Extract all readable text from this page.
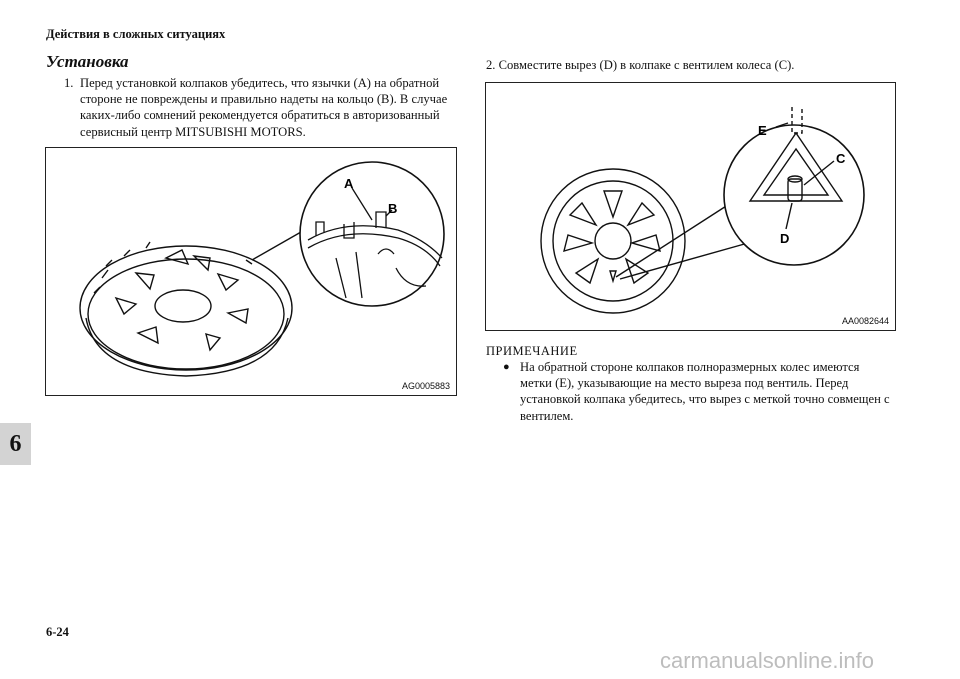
Действия в сложных ситуациях
Установка
1. Перед установкой колпаков убедитесь, что язычки (A) на обратной стороне не повреждены и правильно надеты на кольцо (B). В случае каких-либо сомнений рекомендуется обратиться в авторизованный сервисный центр MITSUBISHI MOTORS.
2. Совместите вырез (D) в колпаке с вентилем колеса (C).
A
B
AG0005883
E
C
D
AA0082644
ПРИМЕЧАНИЕ
● На обратной стороне колпаков полноразмерных колес имеются метки (E), указывающие на место выреза под вентиль. Перед установкой колпака убедитесь, что вырез с меткой точно совмещен с вентилем.
6
6-24
carmanualsonline.info
